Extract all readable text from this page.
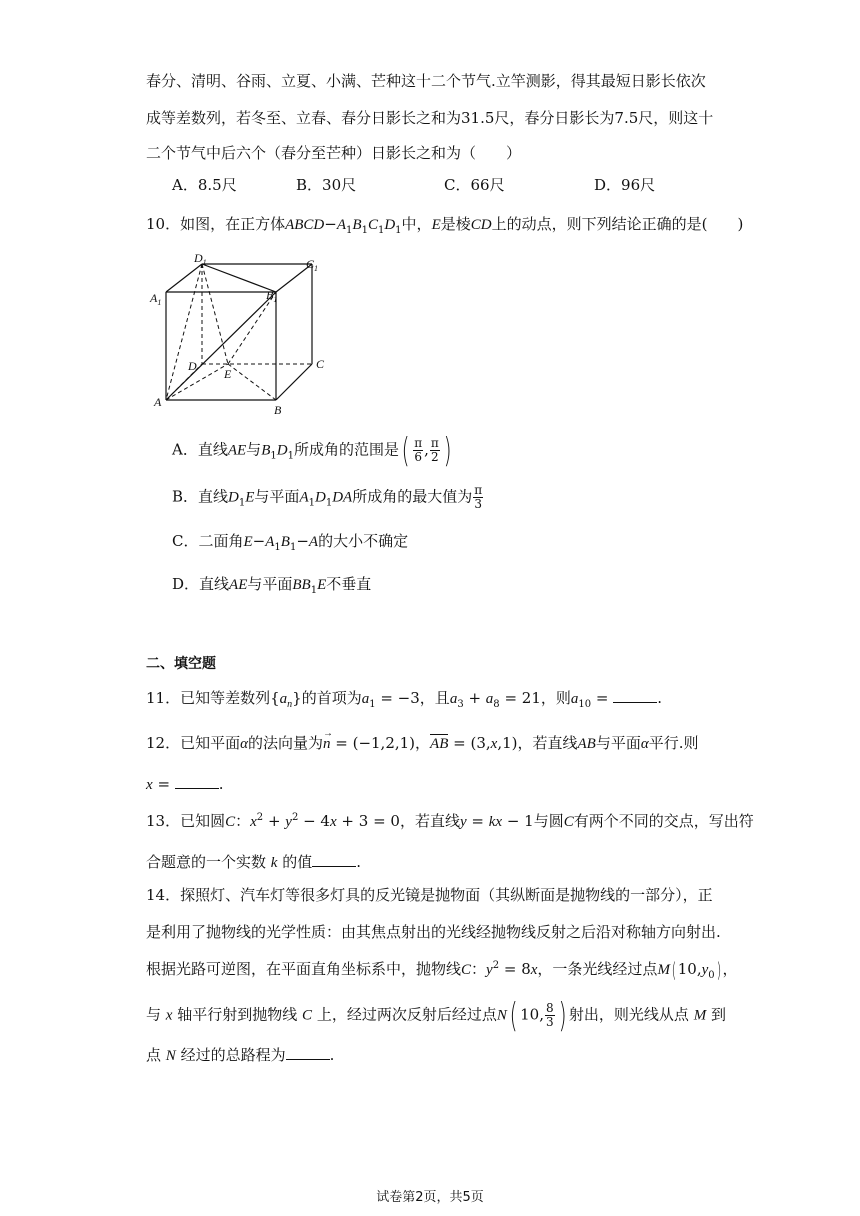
春分、清明、谷雨、立夏、小满、芒种这十二个节气.立竿测影，得其最短日影长依次
成等差数列，若冬至、立春、春分日影长之和为31.5尺，春分日影长为7.5尺，则这十
二个节气中后六个（春分至芒种）日影长之和为（　　）
A．8.5尺	B．30尺	C．66尺	D．96尺
10．如图，在正方体$ABCD-A_1B_1C_1D_1$中，E是棱CD上的动点，则下列结论正确的是(　　)
$D_1$	$C_1$
$A_1$
$B_1$
D
E
C
A
B
A．直线AE与$B_1D_1$所成角的范围是( $\frac{\pi}{6}$ , $\frac{\pi}{2}$ )
B．直线$D_1E$与平面$A_1D_1DA$所成角的最大值为 $\frac{\pi}{3}$
C．二面角$E-A_1B_1-A$的大小不确定
D．直线AE与平面$BB_1E$不垂直
二、填空题
11．已知等差数列$\{a_n\}$的首项为$a_1 = -3$，且$a_3 + a_8 = 21$，则$a_{10}$ =	.
12．已知平面α的法向量为→ n = (−1,2,1)，AB = (3,x,1)，若直线AB与平面α平行.则
x =	.
13．已知圆C：$x^2 + y^2 - 4x + 3 = 0$，若直线y = kx − 1与圆C有两个不同的交点，写出符
合题意的一个实数 k 的值	.
14．探照灯、汽车灯等很多灯具的反光镜是抛物面（其纵断面是抛物线的一部分），正
是利用了抛物线的光学性质：由其焦点射出的光线经抛物线反射之后沿对称轴方向射出.
根据光路可逆图，在平面直角坐标系中，抛物线C：$y^2 = 8x$，一条光线经过点M( $10,y_0$) ，
与 x 轴平行射到抛物线 C 上，经过两次反射后经过点N( 10, $\frac{8}{3}$ ) 射出，则光线从点 M 到
点 N 经过的总路程为	.
试卷第2页，共5页
